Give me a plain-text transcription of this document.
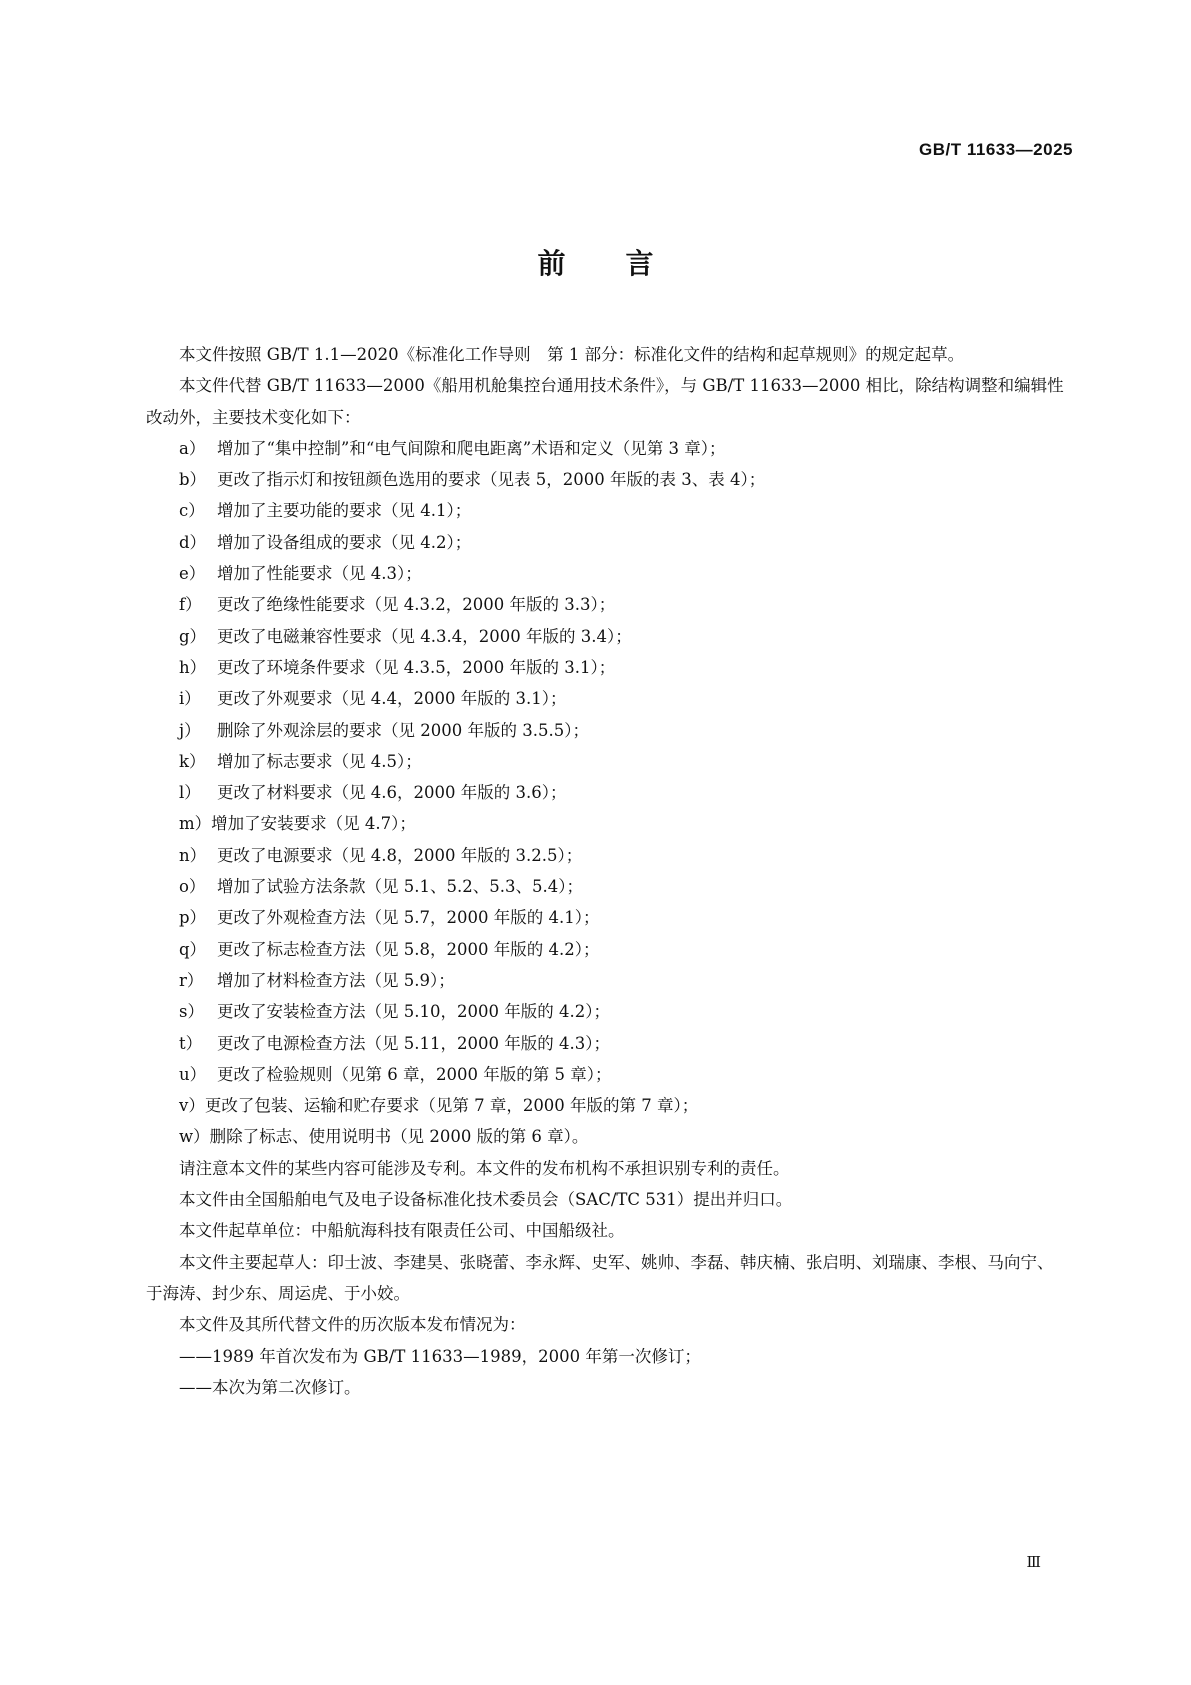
GB/T 11633—2025
前言

本文件按照 GB/T 1.1—2020《标准化工作导则　第 1 部分：标准化文件的结构和起草规则》的规定起草。

本文件代替 GB/T 11633—2000《船用机舱集控台通用技术条件》，与 GB/T 11633—2000 相比，除结构调整和编辑性改动外，主要技术变化如下：

a） 增加了“集中控制”和“电气间隙和爬电距离”术语和定义（见第 3 章）；
b） 更改了指示灯和按钮颜色选用的要求（见表 5，2000 年版的表 3、表 4）；
c） 增加了主要功能的要求（见 4.1）；
d） 增加了设备组成的要求（见 4.2）；
e） 增加了性能要求（见 4.3）；
f） 更改了绝缘性能要求（见 4.3.2，2000 年版的 3.3）；
g） 更改了电磁兼容性要求（见 4.3.4，2000 年版的 3.4）；
h） 更改了环境条件要求（见 4.3.5，2000 年版的 3.1）；
i） 更改了外观要求（见 4.4，2000 年版的 3.1）；
j） 删除了外观涂层的要求（见 2000 年版的 3.5.5）；
k） 增加了标志要求（见 4.5）；
l） 更改了材料要求（见 4.6，2000 年版的 3.6）；
m）增加了安装要求（见 4.7）；
n） 更改了电源要求（见 4.8，2000 年版的 3.2.5）；
o） 增加了试验方法条款（见 5.1、5.2、5.3、5.4）；
p） 更改了外观检查方法（见 5.7，2000 年版的 4.1）；
q） 更改了标志检查方法（见 5.8，2000 年版的 4.2）；
r） 增加了材料检查方法（见 5.9）；
s） 更改了安装检查方法（见 5.10，2000 年版的 4.2）；
t） 更改了电源检查方法（见 5.11，2000 年版的 4.3）；
u） 更改了检验规则（见第 6 章，2000 年版的第 5 章）；
v）更改了包装、运输和贮存要求（见第 7 章，2000 年版的第 7 章）；
w）删除了标志、使用说明书（见 2000 版的第 6 章）。

请注意本文件的某些内容可能涉及专利。本文件的发布机构不承担识别专利的责任。

本文件由全国船舶电气及电子设备标准化技术委员会（SAC/TC 531）提出并归口。

本文件起草单位：中船航海科技有限责任公司、中国船级社。

本文件主要起草人：印士波、李建昊、张晓蕾、李永辉、史军、姚帅、李磊、韩庆楠、张启明、刘瑞康、李根、马向宁、于海涛、封少东、周运虎、于小姣。

本文件及其所代替文件的历次版本发布情况为：

——1989 年首次发布为 GB/T 11633—1989，2000 年第一次修订；
——本次为第二次修订。
Ⅲ
